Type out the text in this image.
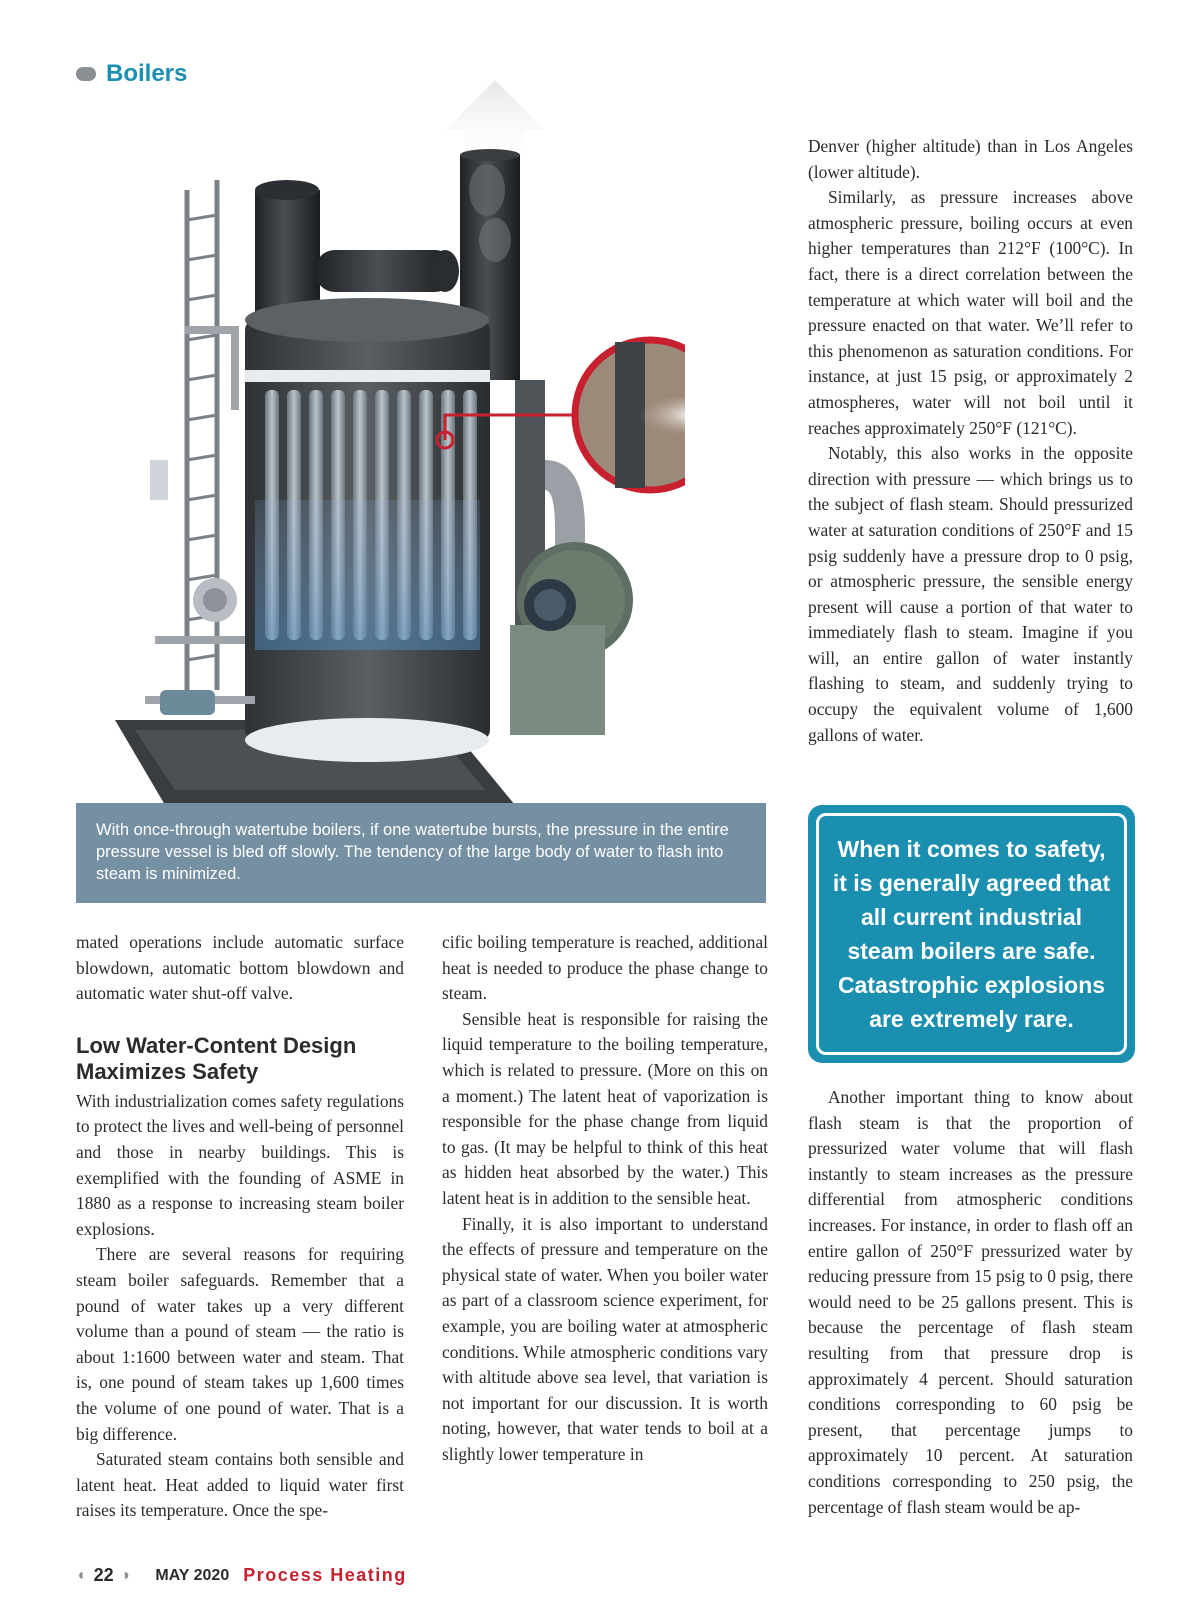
Boilers
With once-through watertube boilers, if one watertube bursts, the pressure in the entire pressure vessel is bled off slowly. The tendency of the large body of water to flash into steam is minimized.

Denver (higher altitude) than in Los Angeles (lower altitude).

Similarly, as pressure increases above atmospheric pressure, boiling occurs at even higher temperatures than 212°F (100°C). In fact, there is a direct correlation between the temperature at which water will boil and the pressure enacted on that water. We’ll refer to this phenomenon as saturation conditions. For instance, at just 15 psig, or approximately 2 atmospheres, water will not boil until it reaches approximately 250°F (121°C).

Notably, this also works in the opposite direction with pressure — which brings us to the subject of flash steam. Should pressurized water at saturation conditions of 250°F and 15 psig suddenly have a pressure drop to 0 psig, or atmospheric pressure, the sensible energy present will cause a portion of that water to immediately flash to steam. Imagine if you will, an entire gallon of water instantly flashing to steam, and suddenly trying to occupy the equivalent volume of 1,600 gallons of water.

When it comes to safety, it is generally agreed that all current industrial steam boilers are safe. Catastrophic explosions are extremely rare.

mated operations include automatic surface blowdown, automatic bottom blowdown and automatic water shut-off valve.

Low Water-Content Design Maximizes Safety

With industrialization comes safety regulations to protect the lives and well-being of personnel and those in nearby buildings. This is exemplified with the founding of ASME in 1880 as a response to increasing steam boiler explosions.

There are several reasons for requiring steam boiler safeguards. Remember that a pound of water takes up a very different volume than a pound of steam — the ratio is about 1:1600 between water and steam. That is, one pound of steam takes up 1,600 times the volume of one pound of water. That is a big difference.

Saturated steam contains both sensible and latent heat. Heat added to liquid water first raises its temperature. Once the spe-

cific boiling temperature is reached, additional heat is needed to produce the phase change to steam.

Sensible heat is responsible for raising the liquid temperature to the boiling temperature, which is related to pressure. (More on this on a moment.) The latent heat of vaporization is responsible for the phase change from liquid to gas. (It may be helpful to think of this heat as hidden heat absorbed by the water.) This latent heat is in addition to the sensible heat.

Finally, it is also important to understand the effects of pressure and temperature on the physical state of water. When you boiler water as part of a classroom science experiment, for example, you are boiling water at atmospheric conditions. While atmospheric conditions vary with altitude above sea level, that variation is not important for our discussion. It is worth noting, however, that water tends to boil at a slightly lower temperature in

Another important thing to know about flash steam is that the proportion of pressurized water volume that will flash instantly to steam increases as the pressure differential from atmospheric conditions increases. For instance, in order to flash off an entire gallon of 250°F pressurized water by reducing pressure from 15 psig to 0 psig, there would need to be 25 gallons present. This is because the percentage of flash steam resulting from that pressure drop is approximately 4 percent. Should saturation conditions corresponding to 60 psig be present, that percentage jumps to approximately 10 percent. At saturation conditions corresponding to 250 psig, the percentage of flash steam would be ap-

◖ 22 ◗ MAY 2020 Process Heating
